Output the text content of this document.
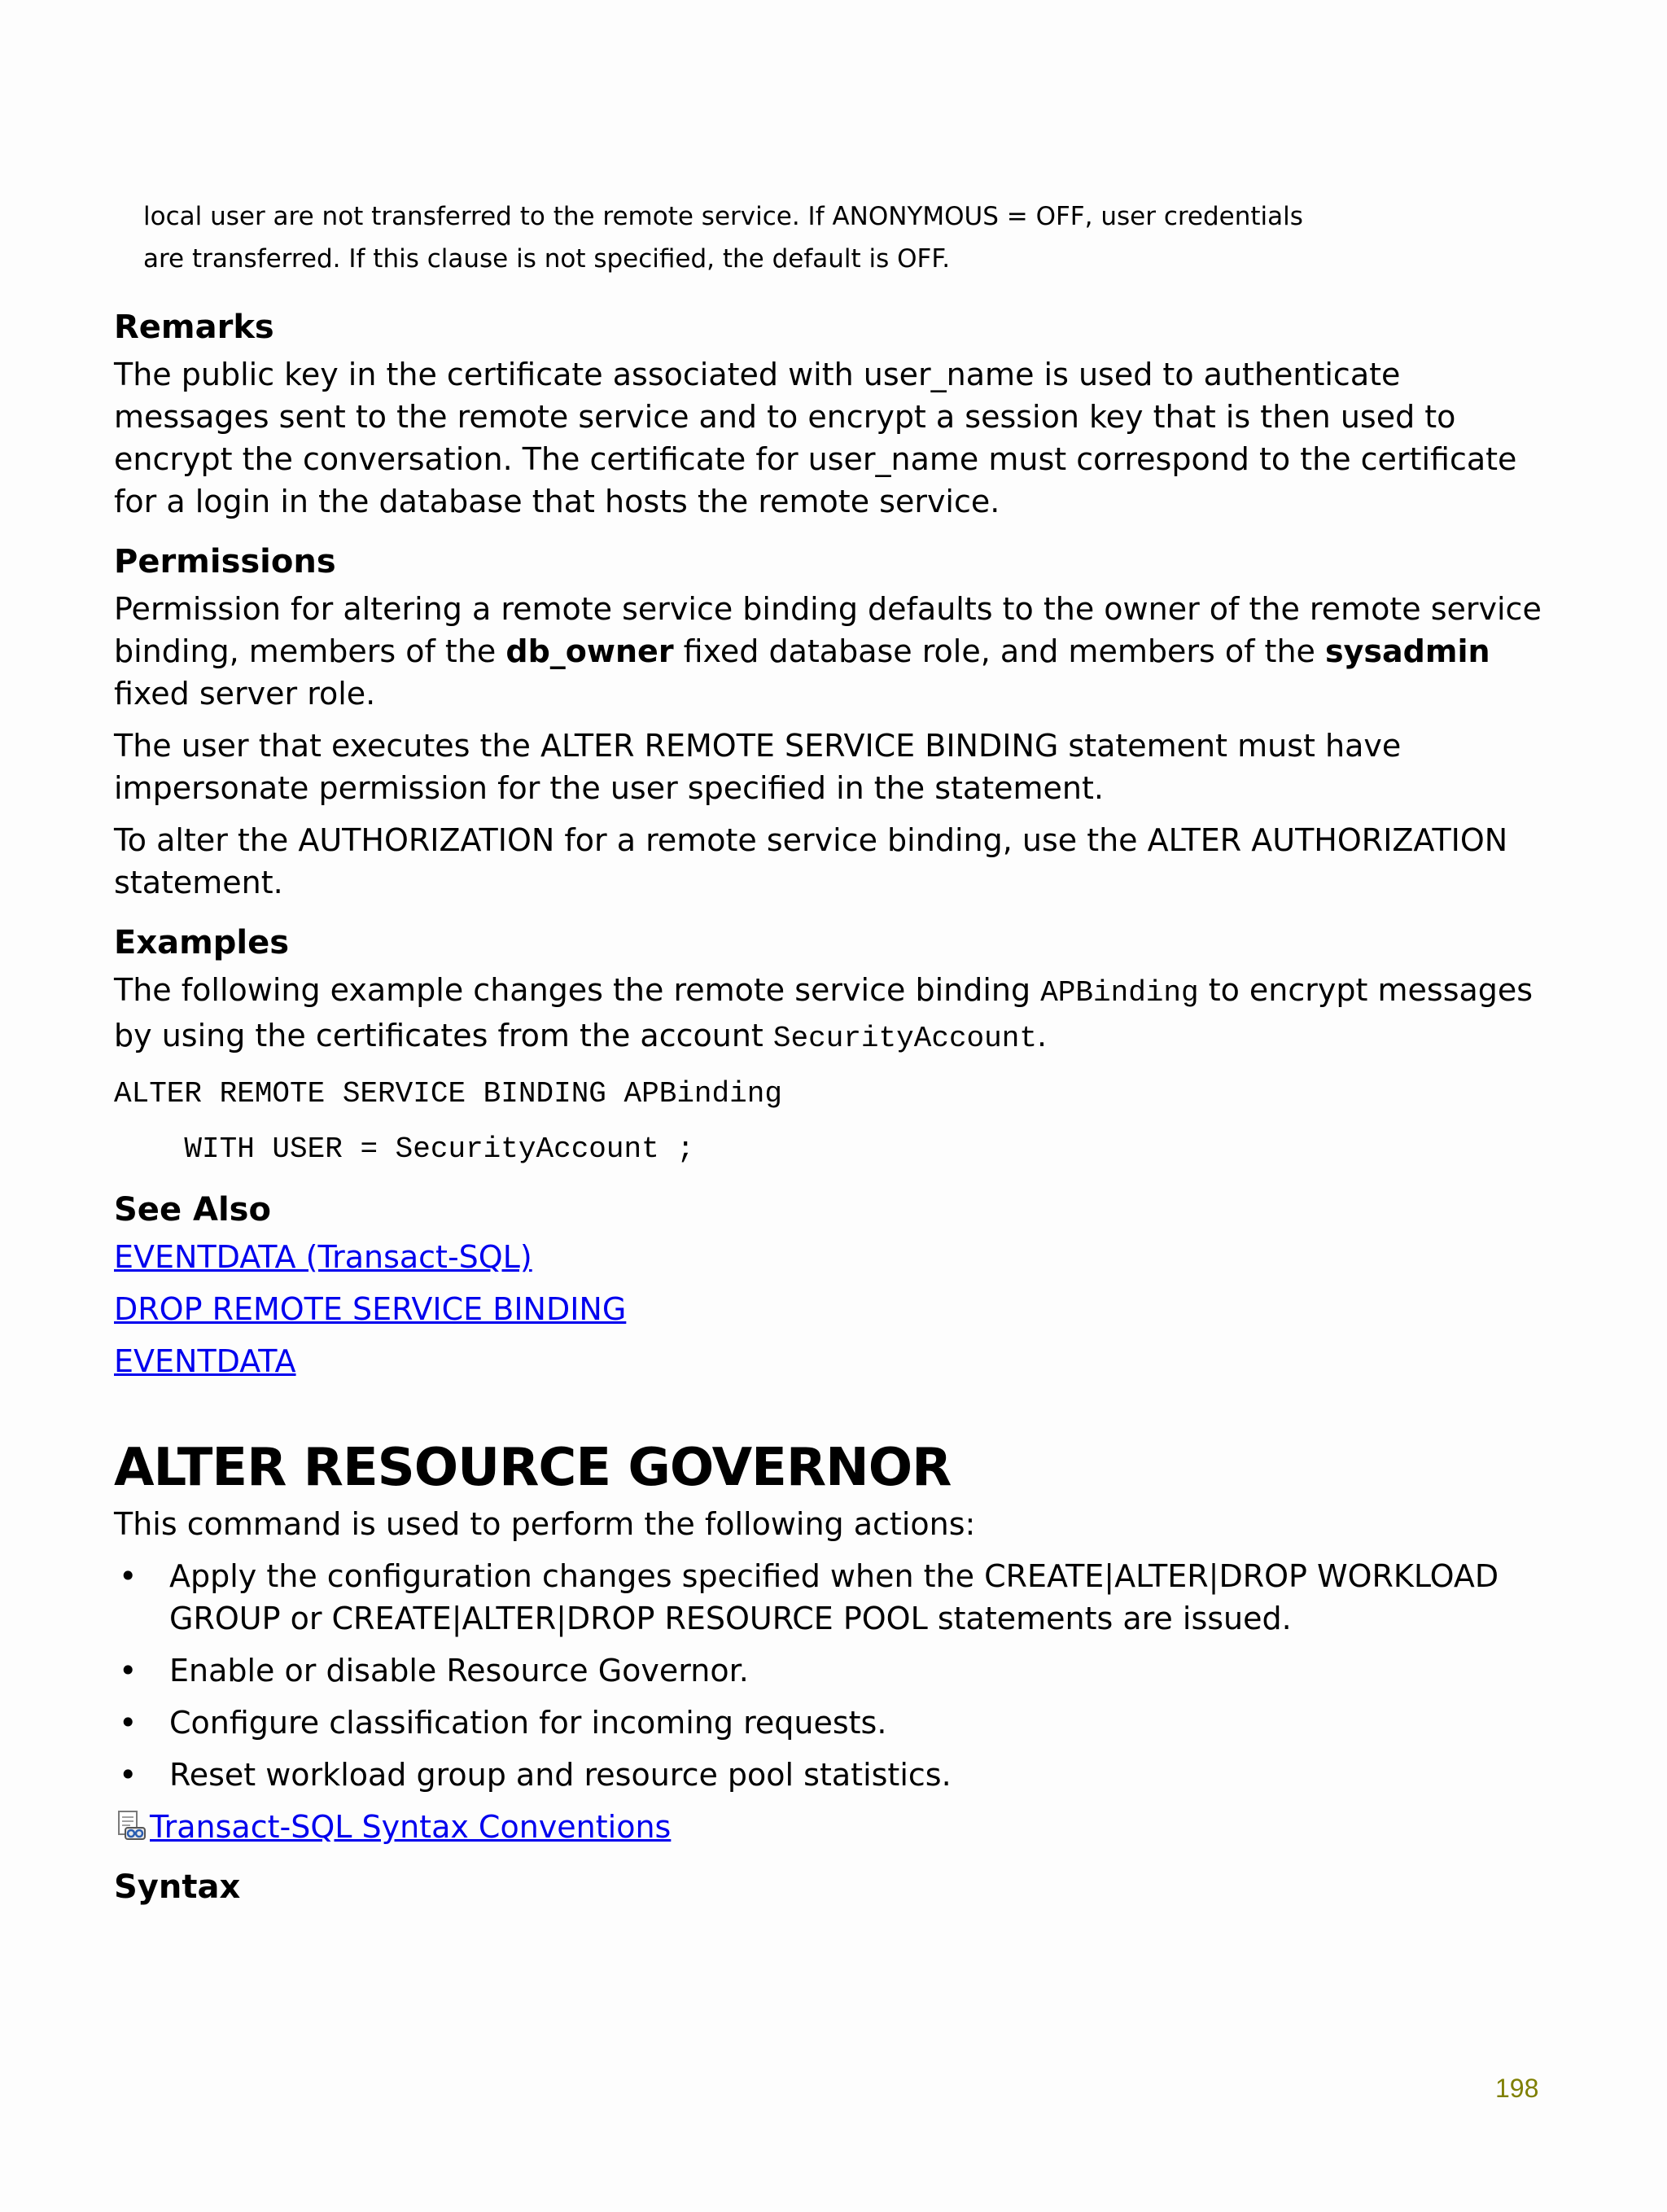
local user are not transferred to the remote service. If ANONYMOUS = OFF, user credentials

are transferred. If this clause is not specified, the default is OFF.

Remarks

The public key in the certificate associated with user_name is used to authenticate messages sent to the remote service and to encrypt a session key that is then used to encrypt the conversation. The certificate for user_name must correspond to the certificate for a login in the database that hosts the remote service.

Permissions

Permission for altering a remote service binding defaults to the owner of the remote service binding, members of the db_owner fixed database role, and members of the sysadmin fixed server role.

The user that executes the ALTER REMOTE SERVICE BINDING statement must have impersonate permission for the user specified in the statement.

To alter the AUTHORIZATION for a remote service binding, use the ALTER AUTHORIZATION statement.

Examples

The following example changes the remote service binding APBinding to encrypt messages by using the certificates from the account SecurityAccount.

ALTER REMOTE SERVICE BINDING APBinding

WITH USER = SecurityAccount ;

See Also
EVENTDATA (Transact-SQL)
DROP REMOTE SERVICE BINDING
EVENTDATA
ALTER RESOURCE GOVERNOR

This command is used to perform the following actions:

• Apply the configuration changes specified when the CREATE|ALTER|DROP WORKLOAD GROUP or CREATE|ALTER|DROP RESOURCE POOL statements are issued.
• Enable or disable Resource Governor.
• Configure classification for incoming requests.
• Reset workload group and resource pool statistics.
Transact-SQL Syntax Conventions
Syntax
198
